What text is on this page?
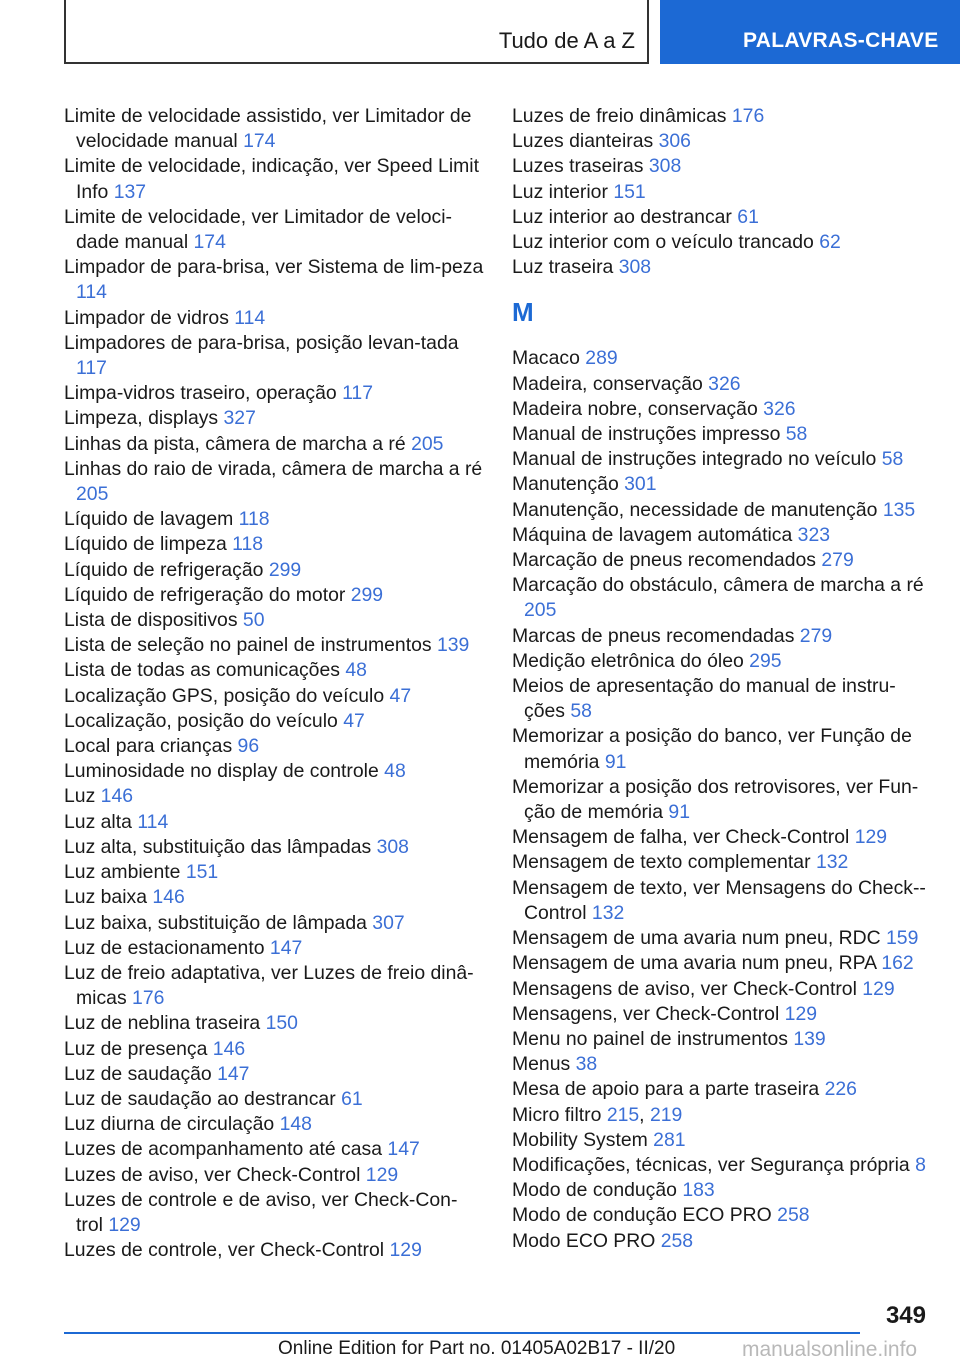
Tudo de A a Z	PALAVRAS-CHAVE
Limite de velocidade assistido, ver Limitador de velocidade manual 174
Limite de velocidade, indicação, ver Speed Limit Info 137
Limite de velocidade, ver Limitador de veloci‐dade manual 174
Limpador de para-brisa, ver Sistema de lim‐peza 114
Limpador de vidros 114
Limpadores de para-brisa, posição levan‐tada 117
Limpa-vidros traseiro, operação 117
Limpeza, displays 327
Linhas da pista, câmera de marcha a ré 205
Linhas do raio de virada, câmera de marcha a ré 205
Líquido de lavagem 118
Líquido de limpeza 118
Líquido de refrigeração 299
Líquido de refrigeração do motor 299
Lista de dispositivos 50
Lista de seleção no painel de instrumentos 139
Lista de todas as comunicações 48
Localização GPS, posição do veículo 47
Localização, posição do veículo 47
Local para crianças 96
Luminosidade no display de controle 48
Luz 146
Luz alta 114
Luz alta, substituição das lâmpadas 308
Luz ambiente 151
Luz baixa 146
Luz baixa, substituição de lâmpada 307
Luz de estacionamento 147
Luz de freio adaptativa, ver Luzes de freio dinâ‐micas 176
Luz de neblina traseira 150
Luz de presença 146
Luz de saudação 147
Luz de saudação ao destrancar 61
Luz diurna de circulação 148
Luzes de acompanhamento até casa 147
Luzes de aviso, ver Check-Control 129
Luzes de controle e de aviso, ver Check-Con‐trol 129
Luzes de controle, ver Check-Control 129
Luzes de freio dinâmicas 176
Luzes dianteiras 306
Luzes traseiras 308
Luz interior 151
Luz interior ao destrancar 61
Luz interior com o veículo trancado 62
Luz traseira 308
M
Macaco 289
Madeira, conservação 326
Madeira nobre, conservação 326
Manual de instruções impresso 58
Manual de instruções integrado no veículo 58
Manutenção 301
Manutenção, necessidade de manutenção 135
Máquina de lavagem automática 323
Marcação de pneus recomendados 279
Marcação do obstáculo, câmera de marcha a ré 205
Marcas de pneus recomendadas 279
Medição eletrônica do óleo 295
Meios de apresentação do manual de instru‐ções 58
Memorizar a posição do banco, ver Função de memória 91
Memorizar a posição dos retrovisores, ver Fun‐ção de memória 91
Mensagem de falha, ver Check-Control 129
Mensagem de texto complementar 132
Mensagem de texto, ver Mensagens do Check--Control 132
Mensagem de uma avaria num pneu, RDC 159
Mensagem de uma avaria num pneu, RPA 162
Mensagens de aviso, ver Check-Control 129
Mensagens, ver Check-Control 129
Menu no painel de instrumentos 139
Menus 38
Mesa de apoio para a parte traseira 226
Micro filtro 215, 219
Mobility System 281
Modificações, técnicas, ver Segurança própria 8
Modo de condução 183
Modo de condução ECO PRO 258
Modo ECO PRO 258
349
Online Edition for Part no. 01405A02B17 - II/20	manualsonline.info
